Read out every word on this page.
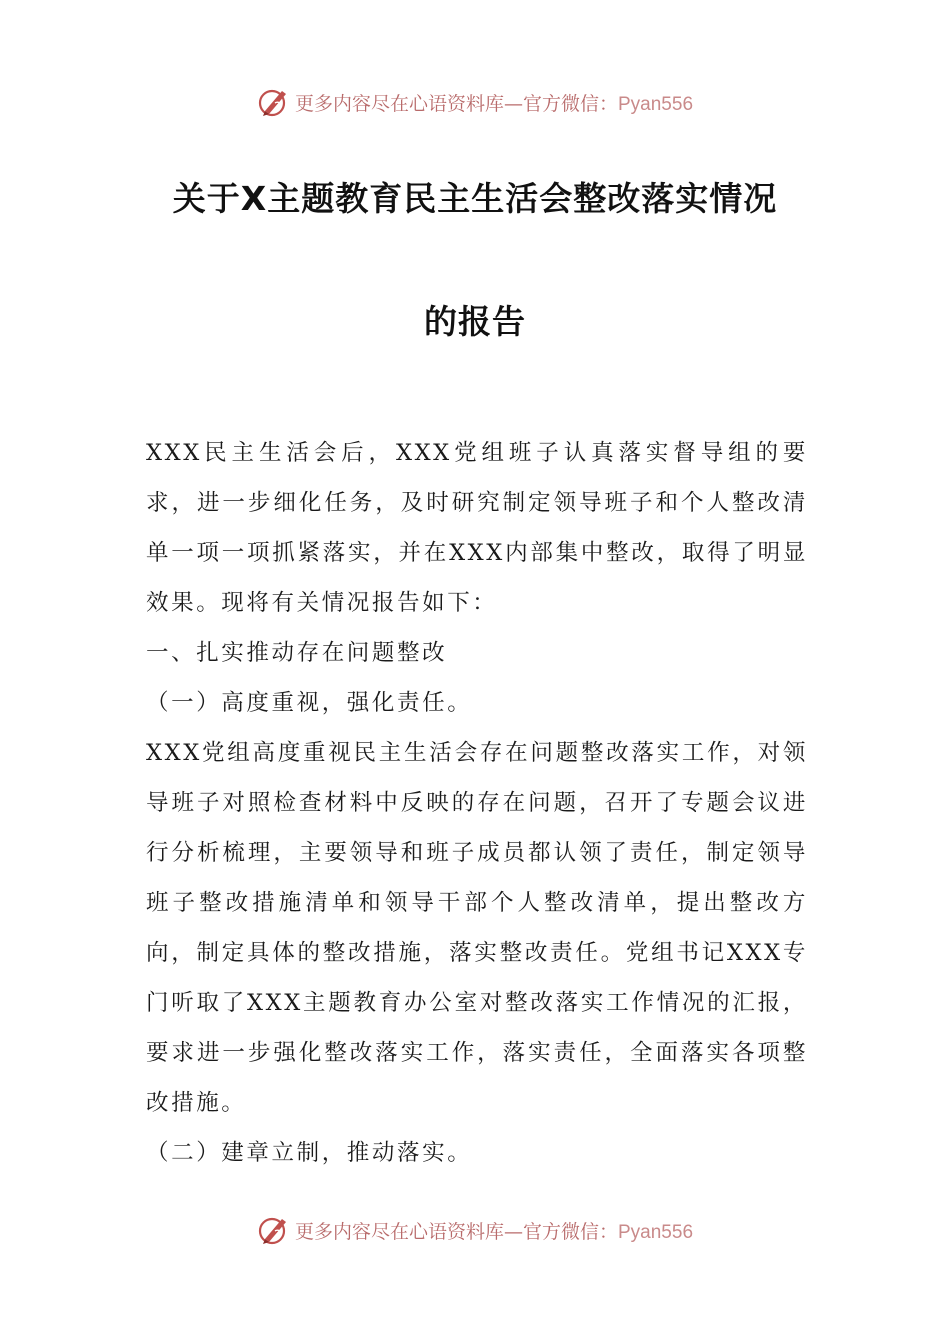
更多内容尽在心语资料库—官方微信：Pyan556
关于X主题教育民主生活会整改落实情况
的报告

XXX民主生活会后，XXX党组班子认真落实督导组的要求，进一步细化任务，及时研究制定领导班子和个人整改清单一项一项抓紧落实，并在XXX内部集中整改，取得了明显效果。现将有关情况报告如下：

一、扎实推动存在问题整改

（一）高度重视，强化责任。

XXX党组高度重视民主生活会存在问题整改落实工作，对领导班子对照检查材料中反映的存在问题，召开了专题会议进行分析梳理，主要领导和班子成员都认领了责任，制定领导班子整改措施清单和领导干部个人整改清单，提出整改方向，制定具体的整改措施，落实整改责任。党组书记XXX专门听取了XXX主题教育办公室对整改落实工作情况的汇报，要求进一步强化整改落实工作，落实责任，全面落实各项整改措施。

（二）建章立制，推动落实。

更多内容尽在心语资料库—官方微信：Pyan556
